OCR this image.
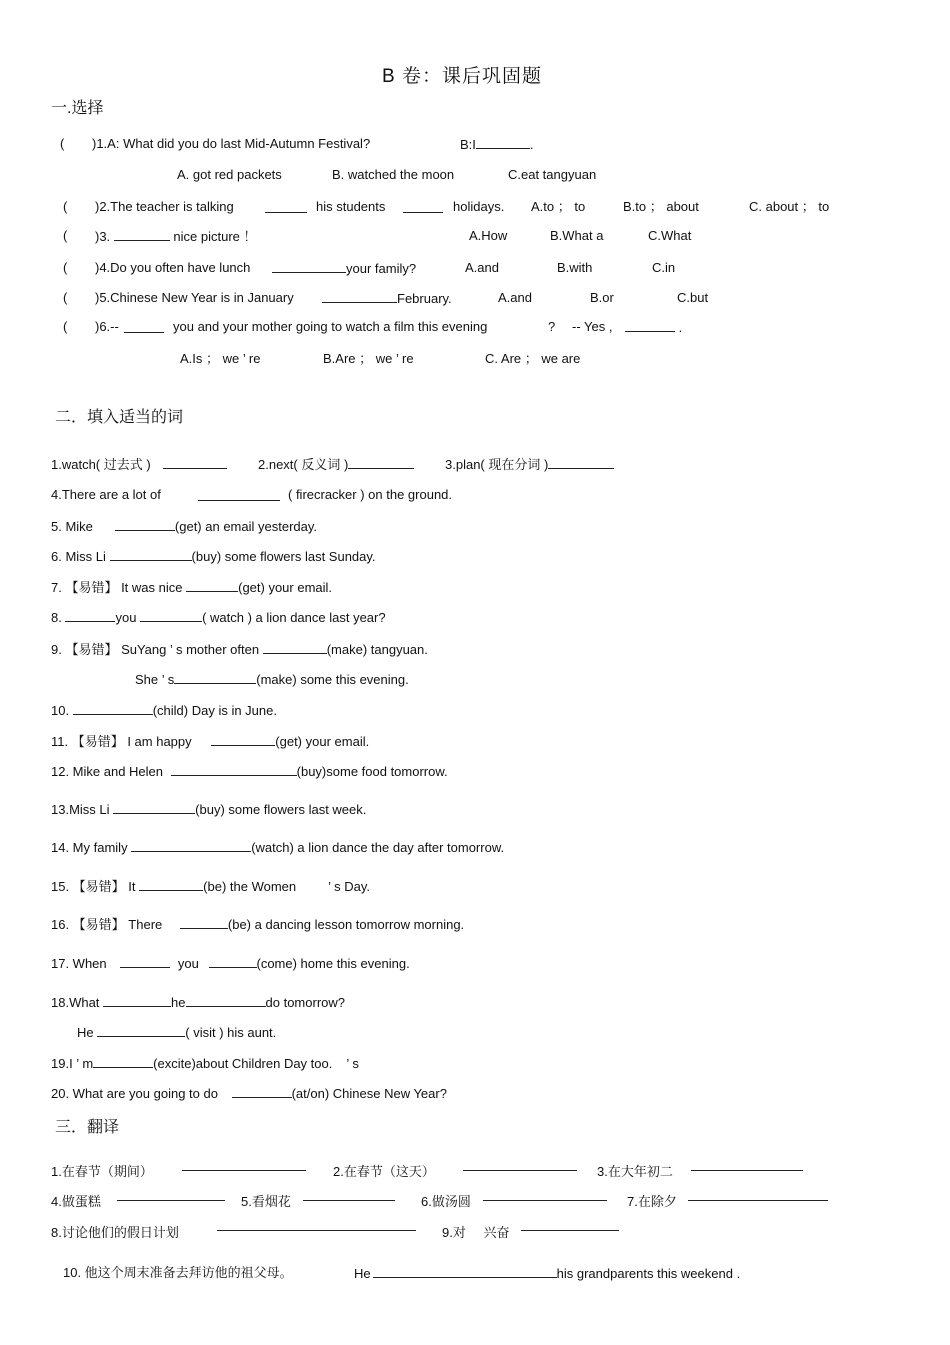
B 卷：课后巩固题
一.选择
( )1.A: What did you do last Mid-Autumn Festival?	B:I	.
A. got red packets	B. watched the moon	C.eat tangyuan
( )2.The teacher is talking	his students	holidays. A.to ； to	B.to ； about	C. about ； to
( )3.	nice picture ！	A.How	B.What a	C.What
( )4.Do you often have lunch	your family?	A.and	B.with	C.in
( )5.Chinese New Year is in January	February.	A.and	B.or	C.but
( )6.--	you and your mother going to watch a film this evening	? -- Yes ,	.
A.Is ； we ’ re	B.Are ； we ’ re	C. Are ； we are
二．填入适当的词
1.watch( 过去式 )	2.next( 反义词 )	3.plan( 现在分词 )
4.There are a lot of	( firecracker ) on the ground.
5. Mike	(get) an email yesterday.
6. Miss Li	(buy) some flowers last Sunday.
7. 【易错】 It was nice	(get) your email.
8.	you	( watch ) a lion dance last year?
9. 【易错】 SuYang ’ s mother often	(make) tangyuan.
She ’ s	(make) some this evening.
10.	(child) Day is in June.
11. 【易错】 I am happy	(get) your email.
12. Mike and Helen	(buy)some food tomorrow.
13.Miss Li	(buy) some flowers last week.
14. My family	(watch) a lion dance the day after tomorrow.
15. 【易错】 It	(be) the Women ’ s Day.
16. 【易错】 There	(be) a dancing lesson tomorrow morning.
17. When	you	(come) home this evening.
18.What	he	do tomorrow?
He	( visit ) his aunt.
19.I ’ m	(excite)about Children Day too. ’ s
20. What are you going to do	(at/on) Chinese New Year?
三．翻译
1.在春节（期间）	2.在春节（这天）	3.在大年初二
4.做蛋糕	5.看烟花	6.做汤圆	7.在除夕
8.讨论他们的假日计划	9.对 兴奋
10. 他这个周末准备去拜访他的祖父母。	He	his grandparents this weekend .
